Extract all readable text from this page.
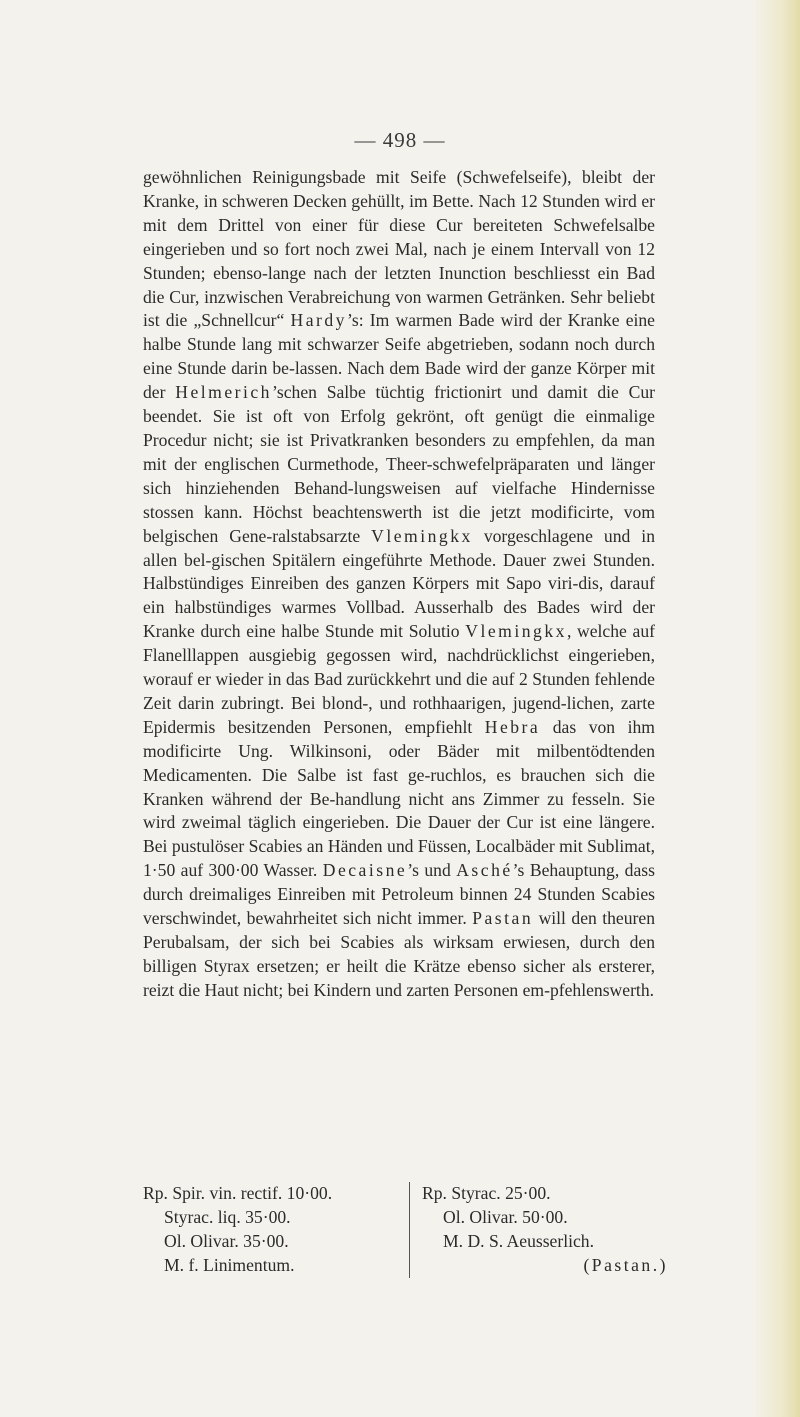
— 498 —

gewöhnlichen Reinigungsbade mit Seife (Schwefelseife), bleibt der Kranke, in schweren Decken gehüllt, im Bette. Nach 12 Stunden wird er mit dem Drittel von einer für diese Cur bereiteten Schwefelsalbe eingerieben und so fort noch zwei Mal, nach je einem Intervall von 12 Stunden; ebenso-lange nach der letzten Inunction beschliesst ein Bad die Cur, inzwischen Verabreichung von warmen Getränken. Sehr beliebt ist die „Schnellcur“ Hardy’s: Im warmen Bade wird der Kranke eine halbe Stunde lang mit schwarzer Seife abgetrieben, sodann noch durch eine Stunde darin be-lassen. Nach dem Bade wird der ganze Körper mit der Helmerich’schen Salbe tüchtig frictionirt und damit die Cur beendet. Sie ist oft von Erfolg gekrönt, oft genügt die einmalige Procedur nicht; sie ist Privatkranken besonders zu empfehlen, da man mit der englischen Curmethode, Theer-schwefelpräparaten und länger sich hinziehenden Behand-lungsweisen auf vielfache Hindernisse stossen kann. Höchst beachtenswerth ist die jetzt modificirte, vom belgischen Gene-ralstabsarzte Vlemingkx vorgeschlagene und in allen bel-gischen Spitälern eingeführte Methode. Dauer zwei Stunden. Halbstündiges Einreiben des ganzen Körpers mit Sapo viri-dis, darauf ein halbstündiges warmes Vollbad. Ausserhalb des Bades wird der Kranke durch eine halbe Stunde mit Solutio Vlemingkx, welche auf Flanelllappen ausgiebig gegossen wird, nachdrücklichst eingerieben, worauf er wieder in das Bad zurückkehrt und die auf 2 Stunden fehlende Zeit darin zubringt. Bei blond-, und rothhaarigen, jugend-lichen, zarte Epidermis besitzenden Personen, empfiehlt Hebra das von ihm modificirte Ung. Wilkinsoni, oder Bäder mit milbentödtenden Medicamenten. Die Salbe ist fast ge-ruchlos, es brauchen sich die Kranken während der Be-handlung nicht ans Zimmer zu fesseln. Sie wird zweimal täglich eingerieben. Die Dauer der Cur ist eine längere. Bei pustulöser Scabies an Händen und Füssen, Localbäder mit Sublimat, 1·50 auf 300·00 Wasser. Decaisne’s und Asché’s Behauptung, dass durch dreimaliges Einreiben mit Petroleum binnen 24 Stunden Scabies verschwindet, bewahrheitet sich nicht immer. Pastan will den theuren Perubalsam, der sich bei Scabies als wirksam erwiesen, durch den billigen Styrax ersetzen; er heilt die Krätze ebenso sicher als ersterer, reizt die Haut nicht; bei Kindern und zarten Personen em-pfehlenswerth.

Rp. Spir. vin. rectif. 10·00.
Styrac. liq. 35·00.
Ol. Olivar. 35·00.
M. f. Linimentum.
Rp. Styrac. 25·00.
Ol. Olivar. 50·00.
M. D. S. Aeusserlich.
(Pastan.)
